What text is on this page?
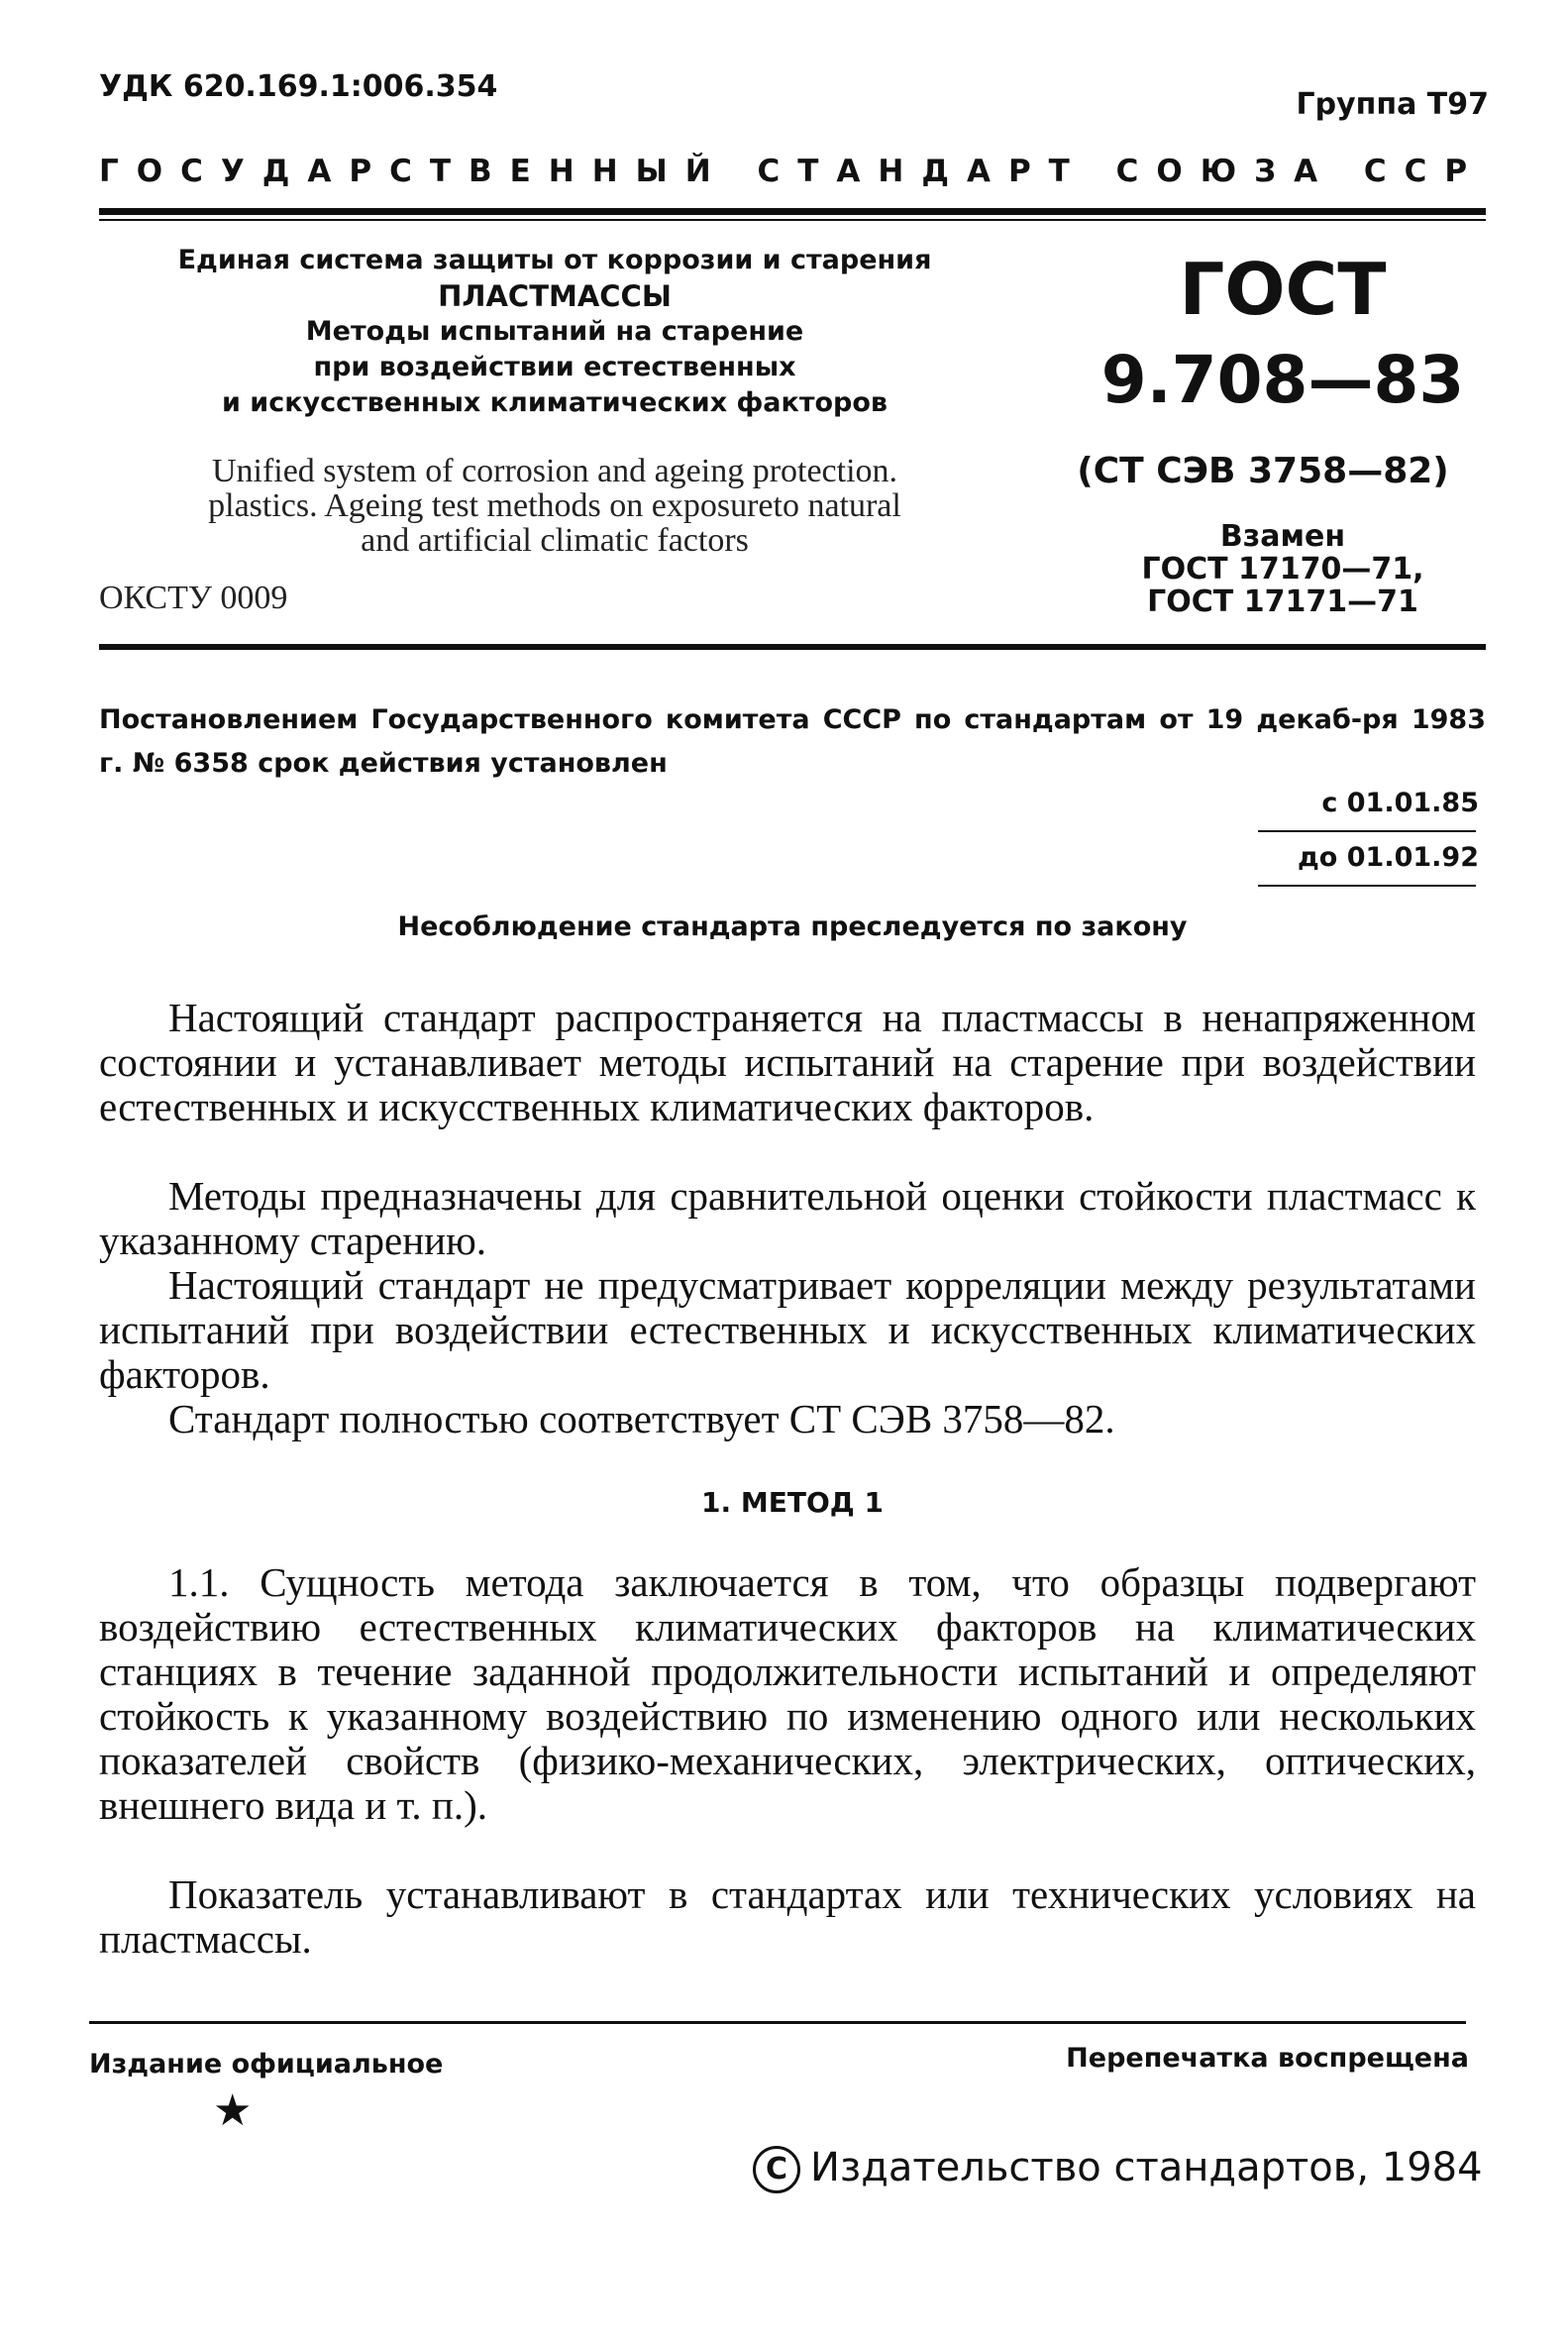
УДК 620.169.1:006.354
Группа Т97
ГОСУДАРСТВЕННЫЙ СТАНДАРТ СОЮЗА ССР
Единая система защиты от коррозии и старения
ПЛАСТМАССЫ
Методы испытаний на старение
при воздействии естественных
и искусственных климатических факторов
Unified system of corrosion and ageing protection.
plastics. Ageing test methods on exposureto natural
and artificial climatic factors
ОКСТУ 0009
ГОСТ
9.708—83
(СТ СЭВ 3758—82)
Взамен
ГОСТ 17170—71,
ГОСТ 17171—71
Постановлением Государственного комитета СССР по стандартам от 19 декаб-ря 1983 г. № 6358 срок действия установлен
с 01.01.85
до 01.01.92
Несоблюдение стандарта преследуется по закону
Настоящий стандарт распространяется на пластмассы в ненапряженном состоянии и устанавливает методы испытаний на старение при воздействии естественных и искусственных климатических факторов.
Методы предназначены для сравнительной оценки стойкости пластмасс к указанному старению.
Настоящий стандарт не предусматривает корреляции между результатами испытаний при воздействии естественных и искусственных климатических факторов.
Стандарт полностью соответствует СТ СЭВ 3758—82.
1. МЕТОД 1
1.1. Сущность метода заключается в том, что образцы подвергают воздействию естественных климатических факторов на климатических станциях в течение заданной продолжительности испытаний и определяют стойкость к указанному воздействию по изменению одного или нескольких показателей свойств (физико-механических, электрических, оптических, внешнего вида и т. п.).
Показатель устанавливают в стандартах или технических условиях на пластмассы.
Издание официальное	Перепечатка воспрещена
★
С Издательство стандартов, 1984
